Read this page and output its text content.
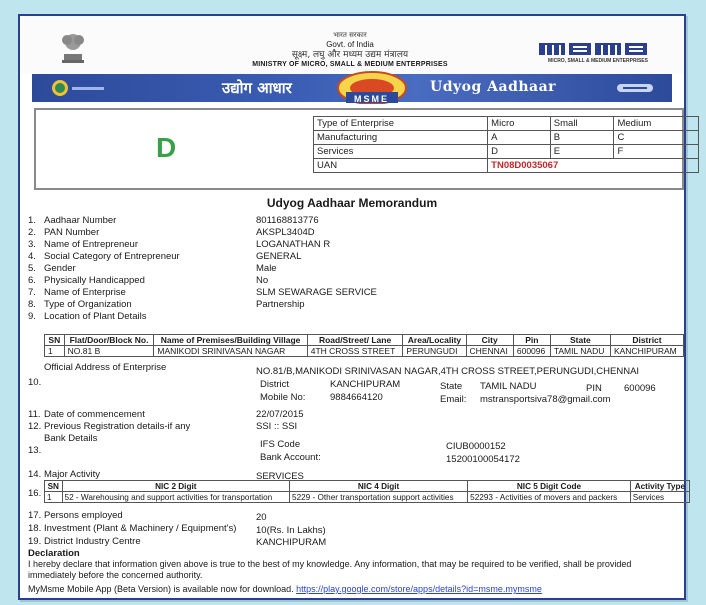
भारत सरकार
Govt. of India
सूक्ष्म, लघु और मध्यम उद्यम मंत्रालय
MINISTRY OF MICRO, SMALL & MEDIUM ENTERPRISES	MICRO, SMALL & MEDIUM ENTERPRISES
उद्योग आधार
MSME
Udyog Aadhaar
D
Type of Enterprise	Micro	Small	Medium
Manufacturing	A	B	C
Services	D	E	F
UAN	TN08D0035067		
Udyog Aadhaar Memorandum
1. Aadhaar Number	801168813776
2. PAN Number	AKSPL3404D
3. Name of Entrepreneur	LOGANATHAN R
4. Social Category of Entrepreneur	GENERAL
5. Gender	Male
6. Physically Handicapped	No
7. Name of Enterprise	SLM SEWARAGE SERVICE
8. Type of Organization	Partnership
9. Location of Plant Details
SN	Flat/Door/Block No.	Name of Premises/Building Village	Road/Street/ Lane	Area/Locality	City	Pin	State	District
1	NO.81 B	MANIKODI SRINIVASAN NAGAR	4TH CROSS STREET	PERUNGUDI	CHENNAI	600096	TAMIL NADU	KANCHIPURAM
Official Address of Enterprise	NO.81/B,MANIKODI SRINIVASAN NAGAR,4TH CROSS STREET,PERUNGUDI,CHENNAI
10.	District	KANCHIPURAM	State TAMIL NADU	PIN 600096
Mobile No:	9884664120	Email: mstransportsiva78@gmail.com
11. Date of commencement	22/07/2015
12. Previous Registration details-if any	SSI :: SSI
Bank Details
13.
IFS Code	CIUB0000152
Bank Account:	15200100054172
14. Major Activity	SERVICES
16.
SN	NIC 2 Digit	NIC 4 Digit	NIC 5 Digit Code	Activity Type
1	52 - Warehousing and support activities for transportation	5229 - Other transportation support activities	52293 - Activities of movers and packers	Services
17. Persons employed	20
18. Investment (Plant & Machinery / Equipment's) 10(Rs. In Lakhs)
19. District Industry Centre	KANCHIPURAM
Declaration
I hereby declare that information given above is true to the best of my knowledge. Any information, that may be required to be verified, shall be provided immediately before the concerned authority.
MyMsme Mobile App (Beta Version) is available now for download. https://play.google.com/store/apps/details?id=msme.mymsme
